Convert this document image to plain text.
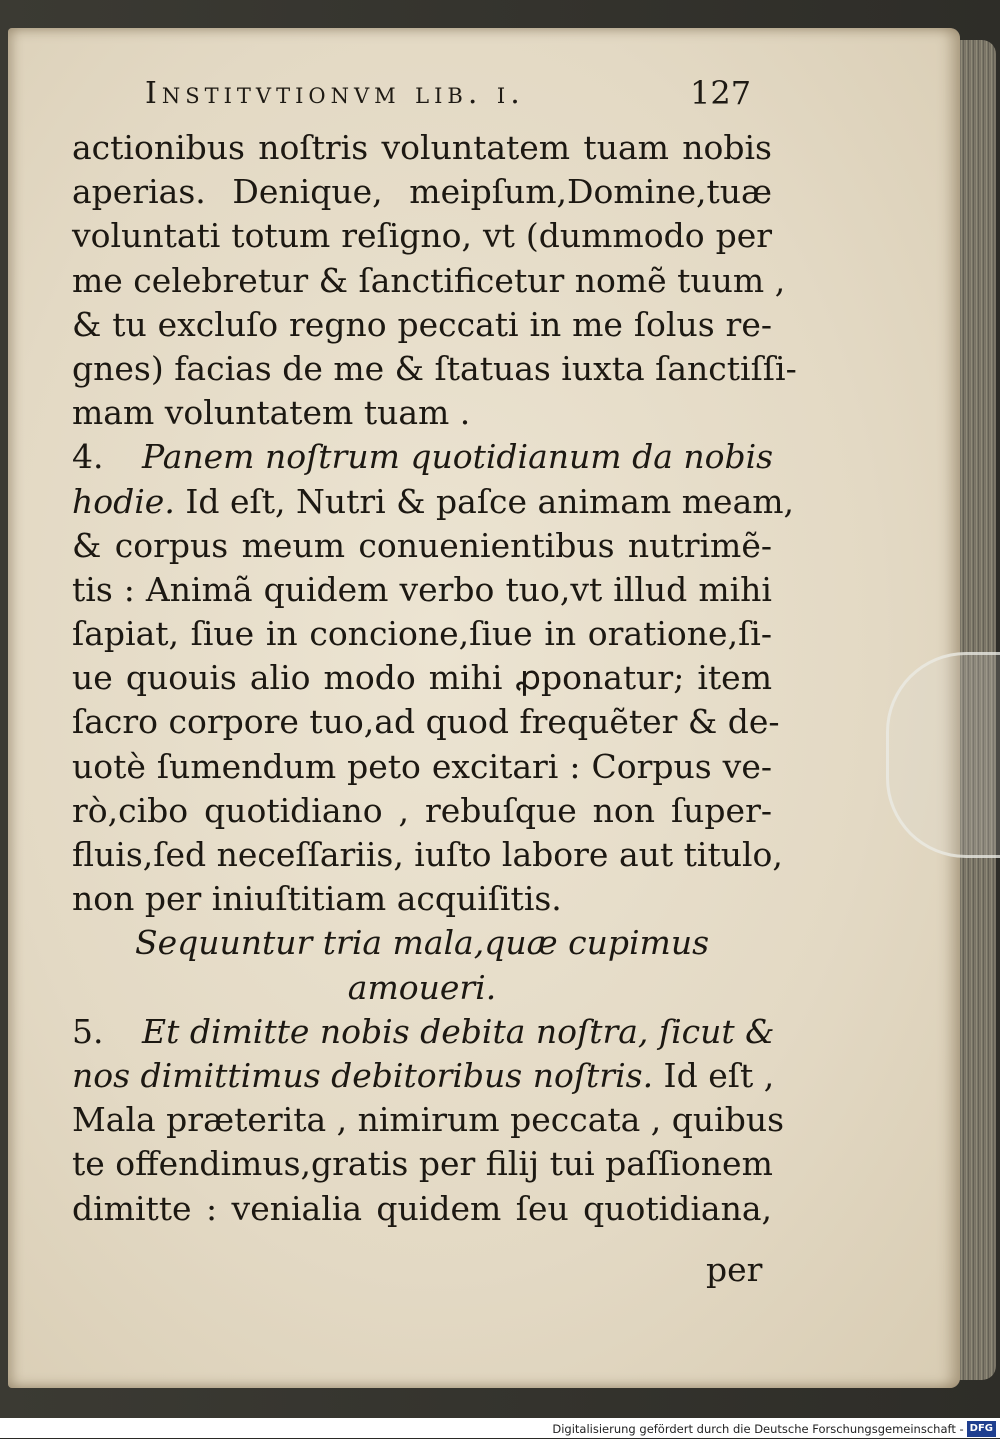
Institvtionvm lib. i.	127
actionibus noſtris voluntatem tuam nobis
aperias. Denique, meipſum,Domine,tuæ
voluntati totum reſigno, vt (dummodo per
me celebretur & ſanctificetur nomẽ tuum ,
& tu excluſo regno peccati in me ſolus re-
gnes) facias de me & ſtatuas iuxta ſanctiſſi-
mam voluntatem tuam .
4. Panem noſtrum quotidianum da nobis
hodie. Id eſt, Nutri & paſce animam meam,
& corpus meum conuenientibus nutrimẽ-
tis : Animã quidem verbo tuo,vt illud mihi
ſapiat, ſiue in concione,ſiue in oratione,ſi-
ue quouis alio modo mihi ꝓponatur; item
ſacro corpore tuo,ad quod frequẽter & de-
uotè ſumendum peto excitari : Corpus ve-
rò,cibo quotidiano , rebuſque non ſuper-
fluis,ſed neceſſariis, iuſto labore aut titulo,
non per iniuſtitiam acquiſitis.
Sequuntur tria mala,quæ cupimus
amoueri.
5. Et dimitte nobis debita noſtra, ſicut &
nos dimittimus debitoribus noſtris. Id eſt ,
Mala præterita , nimirum peccata , quibus
te offendimus,gratis per filij tui paſſionem
dimitte : venialia quidem ſeu quotidiana,
per
Digitalisierung gefördert durch die Deutsche Forschungsgemeinschaft - DFG
